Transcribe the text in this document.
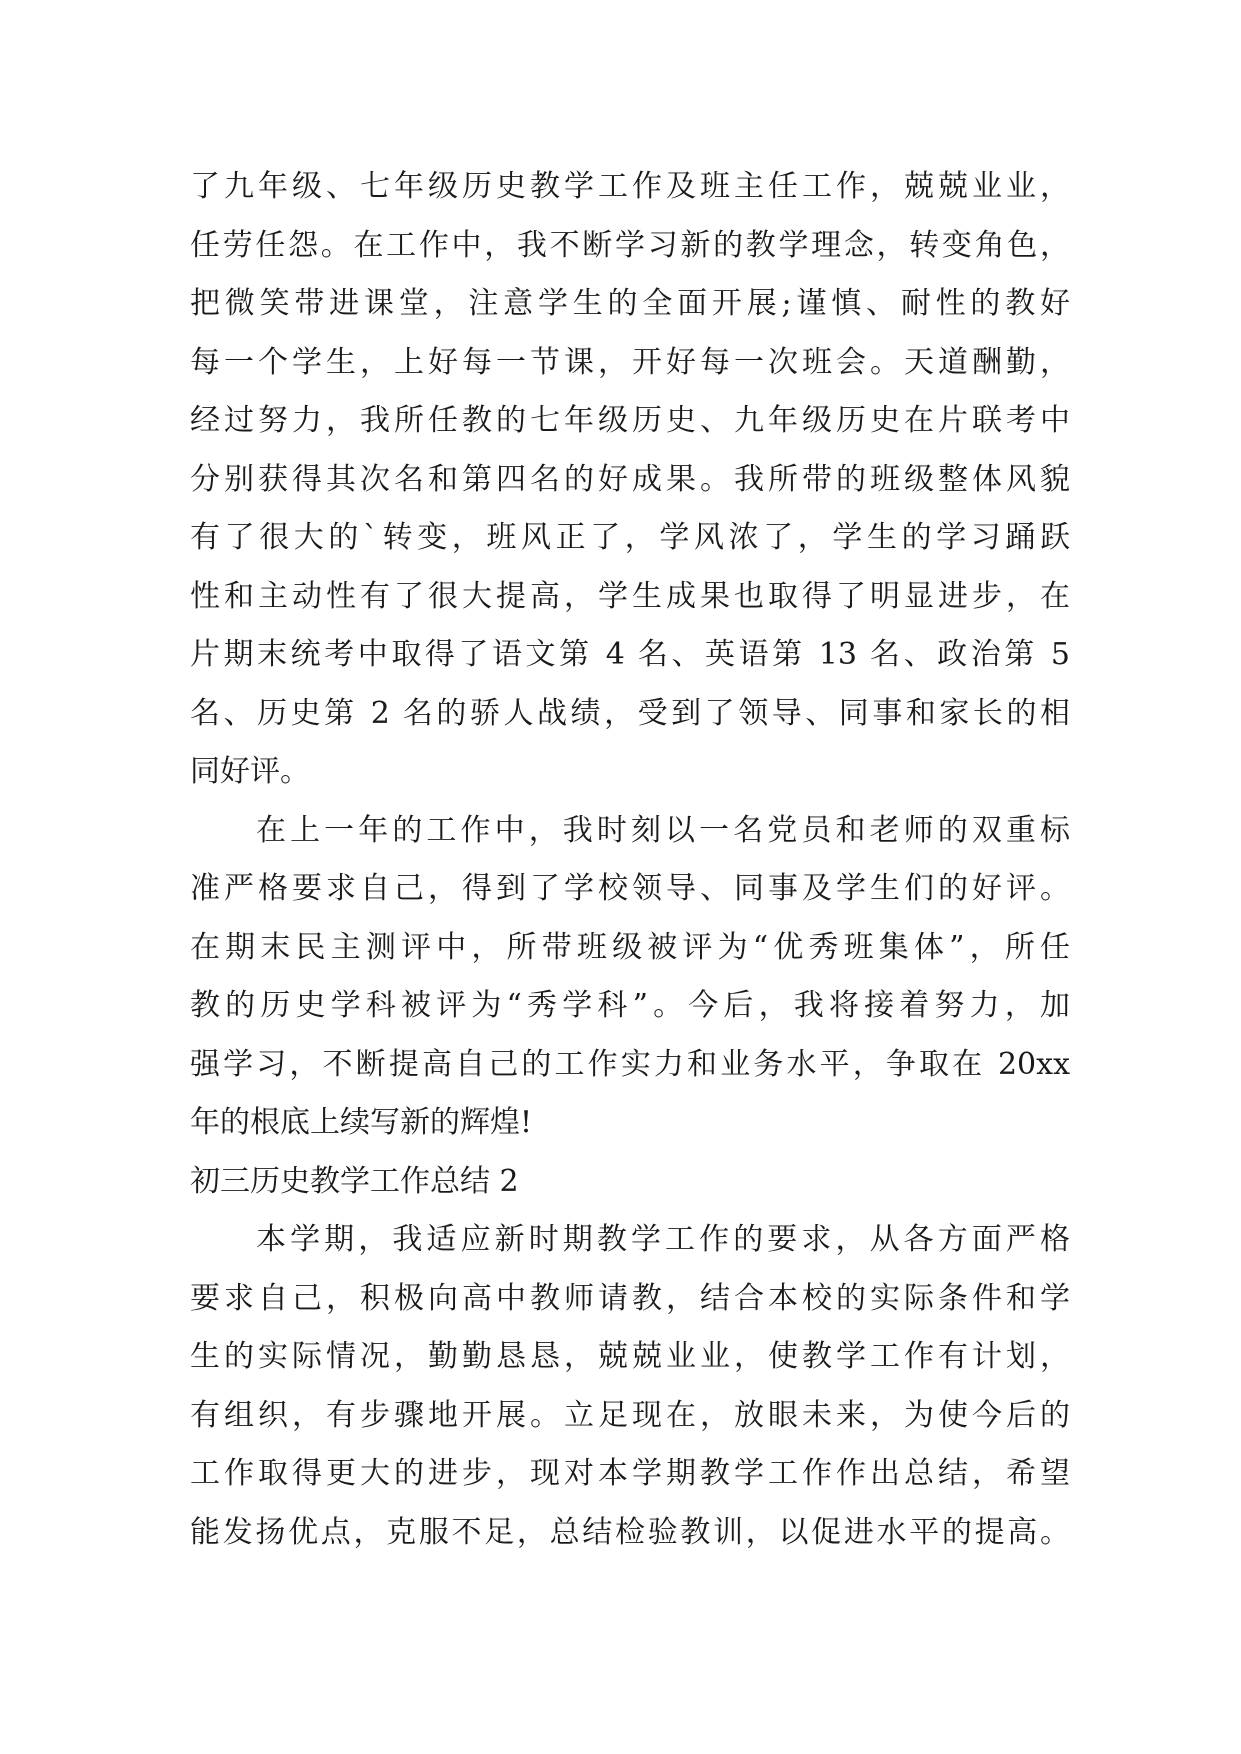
了九年级、七年级历史教学工作及班主任工作，兢兢业业，
任劳任怨。在工作中，我不断学习新的教学理念，转变角色，
把微笑带进课堂，注意学生的全面开展;谨慎、耐性的教好
每一个学生，上好每一节课，开好每一次班会。天道酬勤，
经过努力，我所任教的七年级历史、九年级历史在片联考中
分别获得其次名和第四名的好成果。我所带的班级整体风貌
有了很大的`转变，班风正了，学风浓了，学生的学习踊跃
性和主动性有了很大提高，学生成果也取得了明显进步，在
片期末统考中取得了语文第 4 名、英语第 13 名、政治第 5
名、历史第 2 名的骄人战绩，受到了领导、同事和家长的相
同好评。
在上一年的工作中，我时刻以一名党员和老师的双重标
准严格要求自己，得到了学校领导、同事及学生们的好评。
在期末民主测评中，所带班级被评为“优秀班集体”，所任
教的历史学科被评为“秀学科”。今后，我将接着努力，加
强学习，不断提高自己的工作实力和业务水平，争取在 20xx
年的根底上续写新的辉煌!
初三历史教学工作总结 2
本学期，我适应新时期教学工作的要求，从各方面严格
要求自己，积极向高中教师请教，结合本校的实际条件和学
生的实际情况，勤勤恳恳，兢兢业业，使教学工作有计划，
有组织，有步骤地开展。立足现在，放眼未来，为使今后的
工作取得更大的进步，现对本学期教学工作作出总结，希望
能发扬优点，克服不足，总结检验教训，以促进水平的提高。
